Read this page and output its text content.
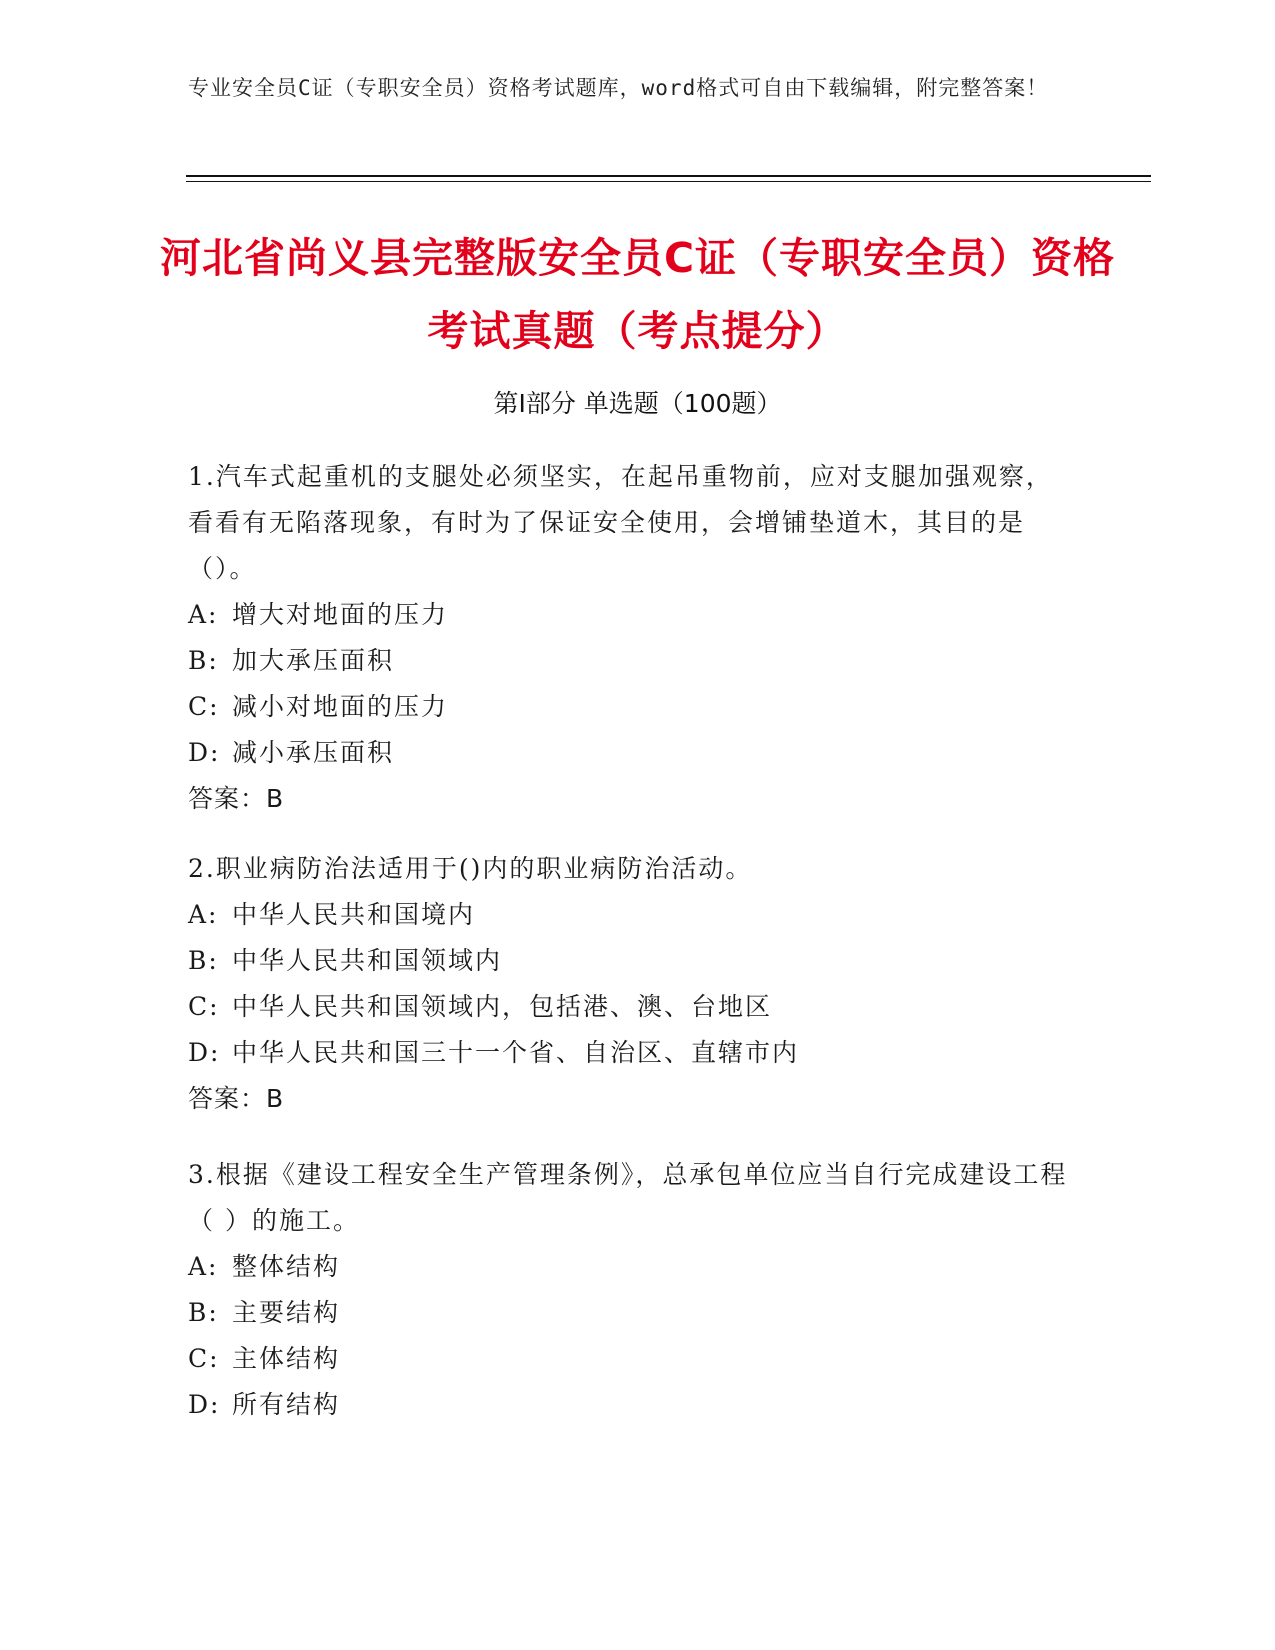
专业安全员C证（专职安全员）资格考试题库，word格式可自由下载编辑，附完整答案！
河北省尚义县完整版安全员C证（专职安全员）资格考试真题（考点提分）
第I部分 单选题（100题）

1.汽车式起重机的支腿处必须坚实，在起吊重物前，应对支腿加强观察，看看有无陷落现象，有时为了保证安全使用，会增铺垫道木，其目的是（）。

A: 增大对地面的压力

B: 加大承压面积

C: 减小对地面的压力

D: 减小承压面积

答案：B

2.职业病防治法适用于()内的职业病防治活动。

A: 中华人民共和国境内

B: 中华人民共和国领域内

C: 中华人民共和国领域内，包括港、澳、台地区

D: 中华人民共和国三十一个省、自治区、直辖市内

答案：B

3.根据《建设工程安全生产管理条例》，总承包单位应当自行完成建设工程（ ）的施工。

A: 整体结构

B: 主要结构

C: 主体结构

D: 所有结构
